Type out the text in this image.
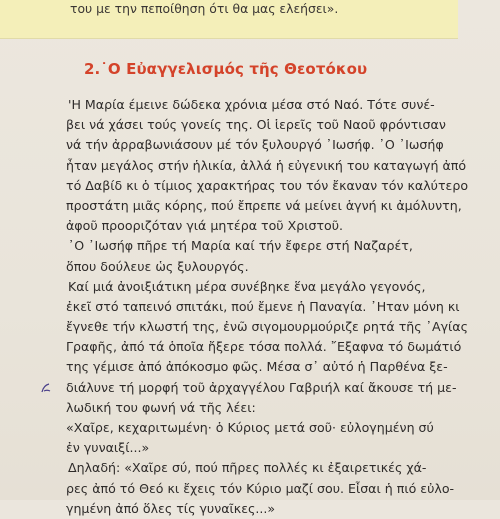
του με την πεποίθηση ότι θα μας ελεήσει».
2.˙Ο Εὐαγγελισμός τῆς Θεοτόκου
'Η Μαρία έμεινε δώδεκα χρόνια μέσα στό Ναό. Τότε συνέ-
βει νά χάσει τούς γονείς της. Οἱ ἱερεῖς τοῦ Ναοῦ φρόντισαν
νά τήν ἀρραβωνιάσουν μέ τόν ξυλουργό ᾽Ιωσήφ. ᾽Ο ᾽Ιωσήφ
ἦταν μεγάλος στήν ἡλικία, ἀλλά ἡ εὐγενική του καταγωγή ἀπό
τό Δαβίδ κι ὁ τίμιος χαρακτήρας του τόν ἔκαναν τόν καλύτερο
προστάτη μιᾶς κόρης, πού ἔπρεπε νά μείνει ἁγνή κι ἀμόλυντη,
ἀφοῦ προοριζόταν γιά μητέρα τοῦ Χριστοῦ.
᾽Ο ᾽Ιωσήφ πῆρε τή Μαρία καί τήν ἔφερε στή Ναζαρέτ,
ὅπου δούλευε ὡς ξυλουργός.
Καί μιά ἀνοιξιάτικη μέρα συνέβηκε ἕνα μεγάλο γεγονός,
ἐκεῖ στό ταπεινό σπιτάκι, πού ἔμενε ἡ Παναγία. ᾽Ηταν μόνη κι
ἔγνεθε τήν κλωστή της, ἐνῶ σιγομουρμούριζε ρητά τῆς ᾽Αγίας
Γραφῆς, ἀπό τά ὁποῖα ἤξερε τόσα πολλά. ῎Εξαφνα τό δωμάτιό
της γέμισε ἀπό ἀπόκοσμο φῶς. Μέσα σ᾽ αὐτό ἡ Παρθένα ξε-
διάλυνε τή μορφή τοῦ ἀρχαγγέλου Γαβριήλ καί ἄκουσε τή με-
λωδική του φωνή νά τῆς λέει:
«Χαῖρε, κεχαριτωμένη· ὁ Κύριος μετά σοῦ· εὐλογημένη σύ
ἐν γυναιξί...»
Δηλαδή: «Χαῖρε σύ, πού πῆρες πολλές κι ἐξαιρετικές χά-
ρες ἀπό τό Θεό κι ἔχεις τόν Κύριο μαζί σου. Εἶσαι ἡ πιό εὐλο-
γημένη ἀπό ὅλες τίς γυναῖκες...»
